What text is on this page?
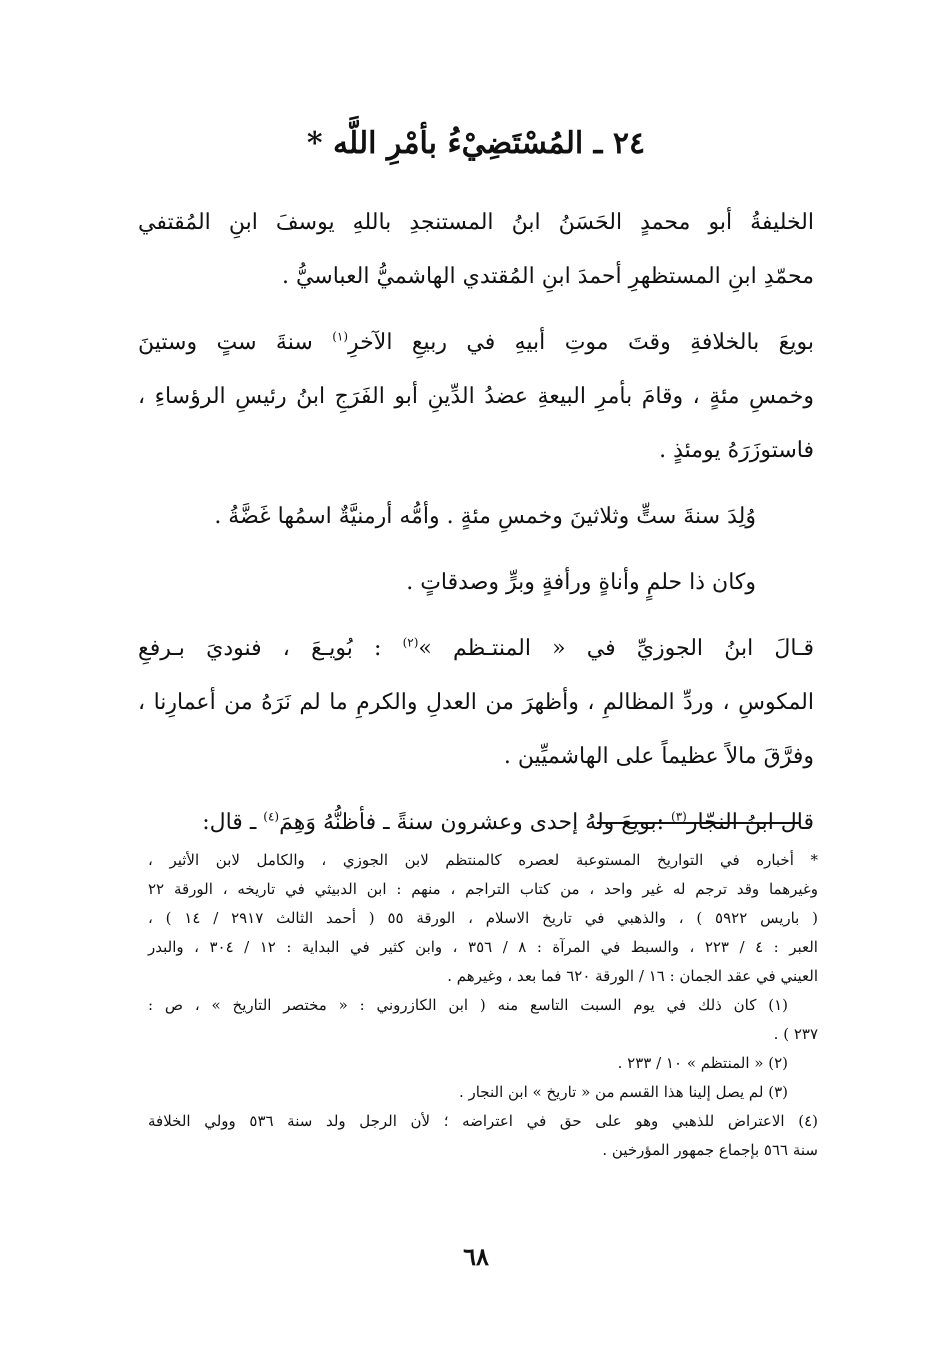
٢٤ ـ المُسْتَضِيْءُ بأمْرِ اللَّه *
الخليفةُ أبو محمدٍ الحَسَنُ ابنُ المستنجدِ باللهِ يوسفَ ابنِ المُقتفي
محمّدِ ابنِ المستظهرِ أحمدَ ابنِ المُقتدي الهاشميُّ العباسيُّ .
بويعَ بالخلافةِ وقتَ موتِ أبيهِ في ربيعِ الآخرِ$^{(١)}$ سنةَ ستٍ وستينَ
وخمسِ مئةٍ ، وقامَ بأمرِ البيعةِ عضدُ الدِّينِ أبو الفَرَجِ ابنُ رئيسِ الرؤساءِ ،
فاستوزَرَهُ يومئذٍ .
وُلِدَ سنةَ ستٍّ وثلاثينَ وخمسِ مئةٍ . وأمُّه أرمنيَّةٌ اسمُها غَضَّةُ .
وكان ذا حلمٍ وأناةٍ ورأفةٍ وبرٍّ وصدقاتٍ .
قـالَ ابنُ الجوزيِّ في « المنتـظم »$^{(٢)}$ : بُويـعَ ، فنوديَ بـرفعِ
المكوسِ ، وردِّ المظالمِ ، وأظهرَ من العدلِ والكرمِ ما لم نَرَهُ من أعمارِنا ،
وفرَّقَ مالاً عظيماً على الهاشميِّين .
قال ابنُ النجّار$^{(٣)}$ :بويعَ ولهُ إحدى وعشرون سنةً ـ فأظنُّهُ وَهِمَ$^{(٤)}$ ـ قال:
* أخباره في التواريخ المستوعبة لعصره كالمنتظم لابن الجوزي ، والكامل لابن الأثير ،
وغيرهما وقد ترجم له غير واحد ، من كتاب التراجم ، منهم : ابن الدبيثي في تاريخه ، الورقة ٢٢
( باريس ٥٩٢٢ ) ، والذهبي في تاريخ الاسلام ، الورقة ٥٥ ( أحمد الثالث ٢٩١٧ / ١٤ ) ،
العبر : ٤ / ٢٢٣ ، والسبط في المرآة : ٨ / ٣٥٦ ، وابن كثير في البداية : ١٢ / ٣٠٤ ، والبدر
العيني في عقد الجمان : ١٦ / الورقة ٦٢٠ فما بعد ، وغيرهم .
(١) كان ذلك في يوم السبت التاسع منه ( ابن الكازروني : « مختصر التاريخ » ، ص :
٢٣٧ ) .
(٢) « المنتظم » ١٠ / ٢٣٣ .
(٣) لم يصل إلينا هذا القسم من « تاريخ » ابن النجار .
(٤) الاعتراض للذهبي وهو على حق في اعتراضه ؛ لأن الرجل ولد سنة ٥٣٦ وولي الخلافة
سنة ٥٦٦ بإجماع جمهور المؤرخين .
٦٨
